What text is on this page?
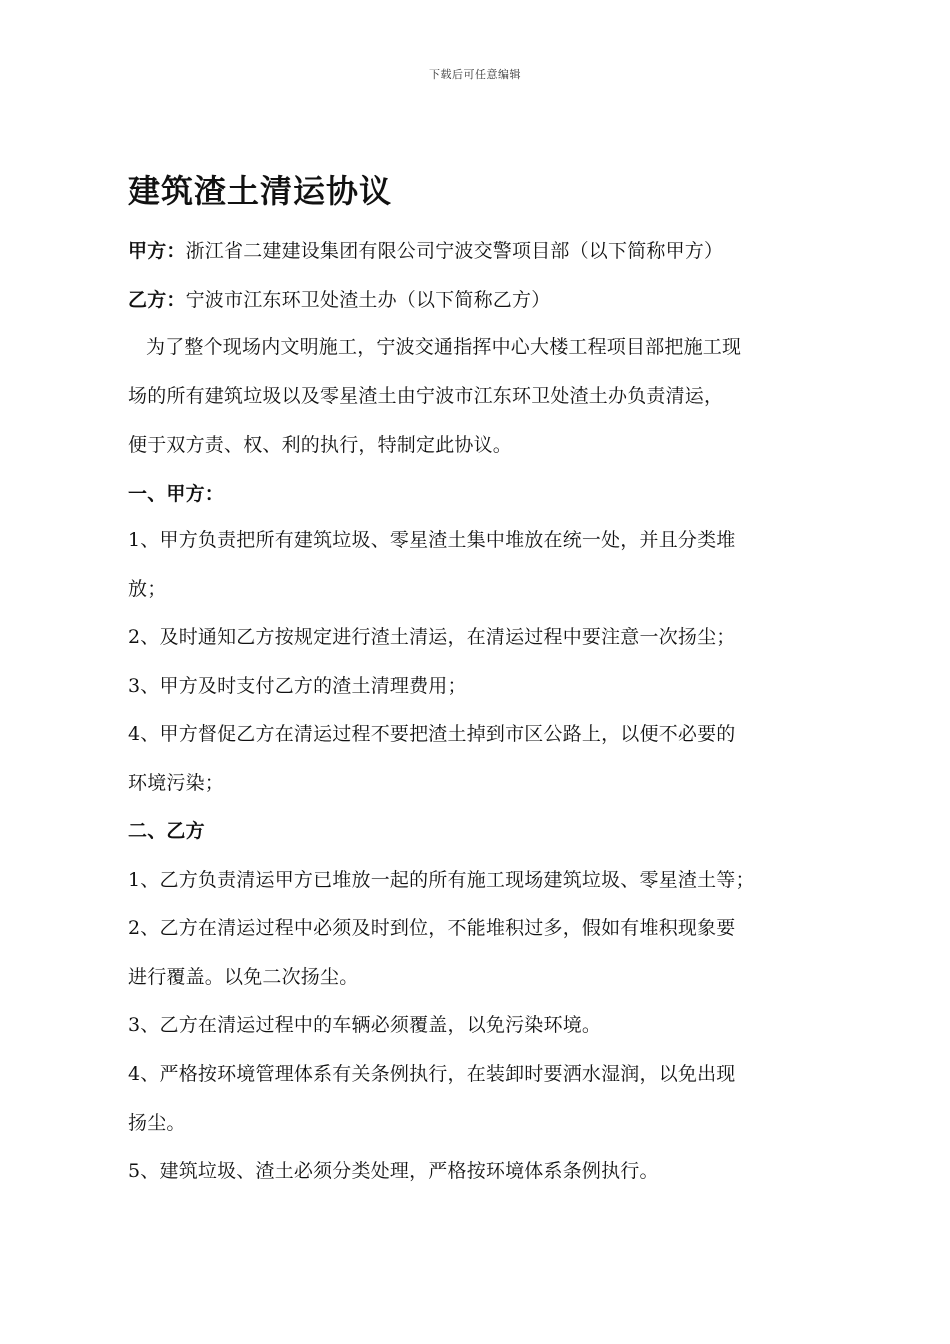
下载后可任意编辑
建筑渣土清运协议
甲方：浙江省二建建设集团有限公司宁波交警项目部（以下简称甲方）
乙方：宁波市江东环卫处渣土办（以下简称乙方）
为了整个现场内文明施工，宁波交通指挥中心大楼工程项目部把施工现
场的所有建筑垃圾以及零星渣土由宁波市江东环卫处渣土办负责清运，
便于双方责、权、利的执行，特制定此协议。
一、甲方：
1、甲方负责把所有建筑垃圾、零星渣土集中堆放在统一处，并且分类堆
放；
2、及时通知乙方按规定进行渣土清运，在清运过程中要注意一次扬尘；
3、甲方及时支付乙方的渣土清理费用；
4、甲方督促乙方在清运过程不要把渣土掉到市区公路上，以便不必要的
环境污染；
二、乙方
1、乙方负责清运甲方已堆放一起的所有施工现场建筑垃圾、零星渣土等；
2、乙方在清运过程中必须及时到位，不能堆积过多，假如有堆积现象要
进行覆盖。以免二次扬尘。
3、乙方在清运过程中的车辆必须覆盖，以免污染环境。
4、严格按环境管理体系有关条例执行，在装卸时要洒水湿润，以免出现
扬尘。
5、建筑垃圾、渣土必须分类处理，严格按环境体系条例执行。
